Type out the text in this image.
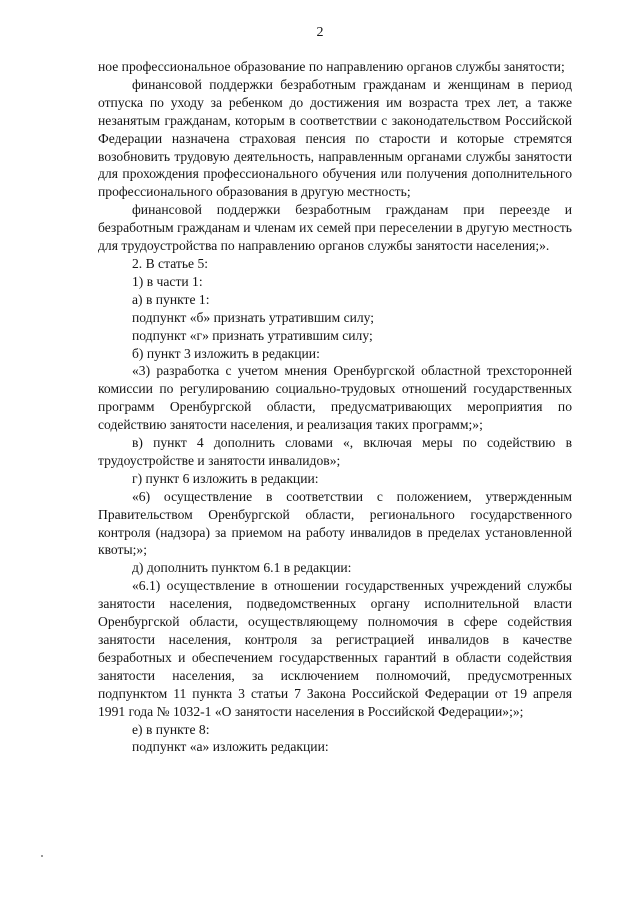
2

ное профессиональное образование по направлению органов службы занятости;

финансовой поддержки безработным гражданам и женщинам в период отпуска по уходу за ребенком до достижения им возраста трех лет, а также незанятым гражданам, которым в соответствии с законодательством Российской Федерации назначена страховая пенсия по старости и которые стремятся возобновить трудовую деятельность, направленным органами службы занятости для прохождения профессионального обучения или получения дополнительного профессионального образования в другую местность;

финансовой поддержки безработным гражданам при переезде и безработным гражданам и членам их семей при переселении в другую местность для трудоустройства по направлению органов службы занятости населения;».

2. В статье 5:

1) в части 1:

а) в пункте 1:

подпункт «б» признать утратившим силу;

подпункт «г» признать утратившим силу;

б) пункт 3 изложить в редакции:

«3) разработка с учетом мнения Оренбургской областной трехсторонней комиссии по регулированию социально-трудовых отношений государственных программ Оренбургской области, предусматривающих мероприятия по содействию занятости населения, и реализация таких программ;»;

в) пункт 4 дополнить словами «, включая меры по содействию в трудоустройстве и занятости инвалидов»;

г) пункт 6 изложить в редакции:

«6) осуществление в соответствии с положением, утвержденным Правительством Оренбургской области, регионального государственного контроля (надзора) за приемом на работу инвалидов в пределах установленной квоты;»;

д) дополнить пунктом 6.1 в редакции:

«6.1) осуществление в отношении государственных учреждений службы занятости населения, подведомственных органу исполнительной власти Оренбургской области, осуществляющему полномочия в сфере содействия занятости населения, контроля за регистрацией инвалидов в качестве безработных и обеспечением государственных гарантий в области содействия занятости населения, за исключением полномочий, предусмотренных подпунктом 11 пункта 3 статьи 7 Закона Российской Федерации от 19 апреля 1991 года № 1032-1 «О занятости населения в Российской Федерации»;»;

е) в пункте 8:

подпункт «а» изложить редакции:
